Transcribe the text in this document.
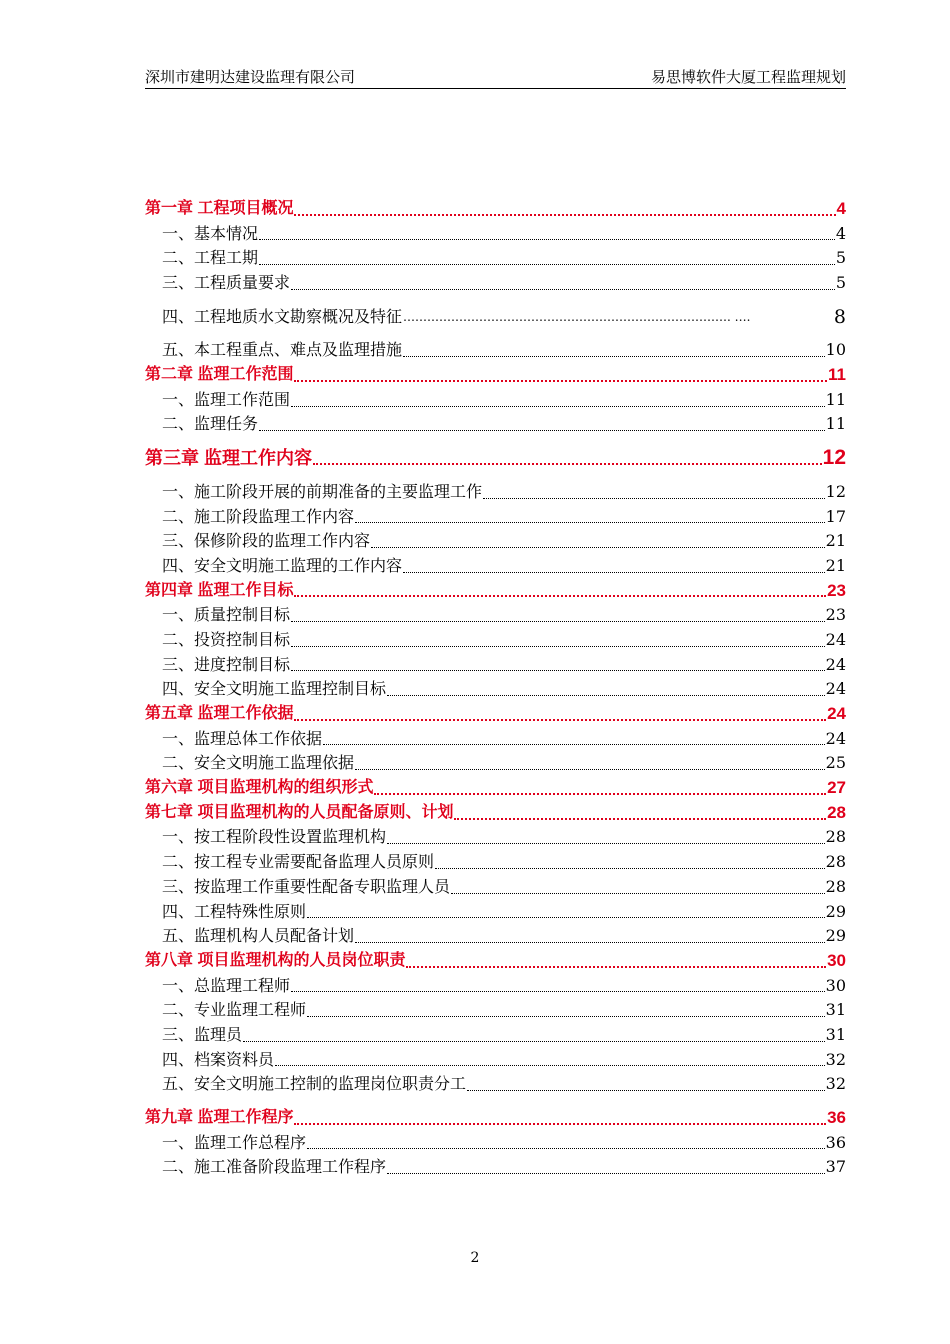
深圳市建明达建设监理有限公司	易思博软件大厦工程监理规划
第一章 工程项目概况	4
一、基本情况	4
二、工程工期	5
三、工程质量要求	5
四、工程地质水文勘察概况及特征 ………………………………………………………………………. ….	8
五、本工程重点、难点及监理措施	10
第二章 监理工作范围	11
一、监理工作范围	11
二、监理任务	11
第三章 监理工作内容	12
一、施工阶段开展的前期准备的主要监理工作	12
二、施工阶段监理工作内容	17
三、保修阶段的监理工作内容	21
四、安全文明施工监理的工作内容	21
第四章 监理工作目标	23
一、质量控制目标	23
二、投资控制目标	24
三、进度控制目标	24
四、安全文明施工监理控制目标	24
第五章 监理工作依据	24
一、监理总体工作依据	24
二、安全文明施工监理依据	25
第六章 项目监理机构的组织形式	27
第七章 项目监理机构的人员配备原则、计划	28
一、按工程阶段性设置监理机构	28
二、按工程专业需要配备监理人员原则	28
三、按监理工作重要性配备专职监理人员	28
四、工程特殊性原则	29
五、监理机构人员配备计划	29
第八章 项目监理机构的人员岗位职责	30
一、总监理工程师	30
二、专业监理工程师	31
三、监理员	31
四、档案资料员	32
五、安全文明施工控制的监理岗位职责分工	32
第九章 监理工作程序	36
一、监理工作总程序	36
二、施工准备阶段监理工作程序	37
2
